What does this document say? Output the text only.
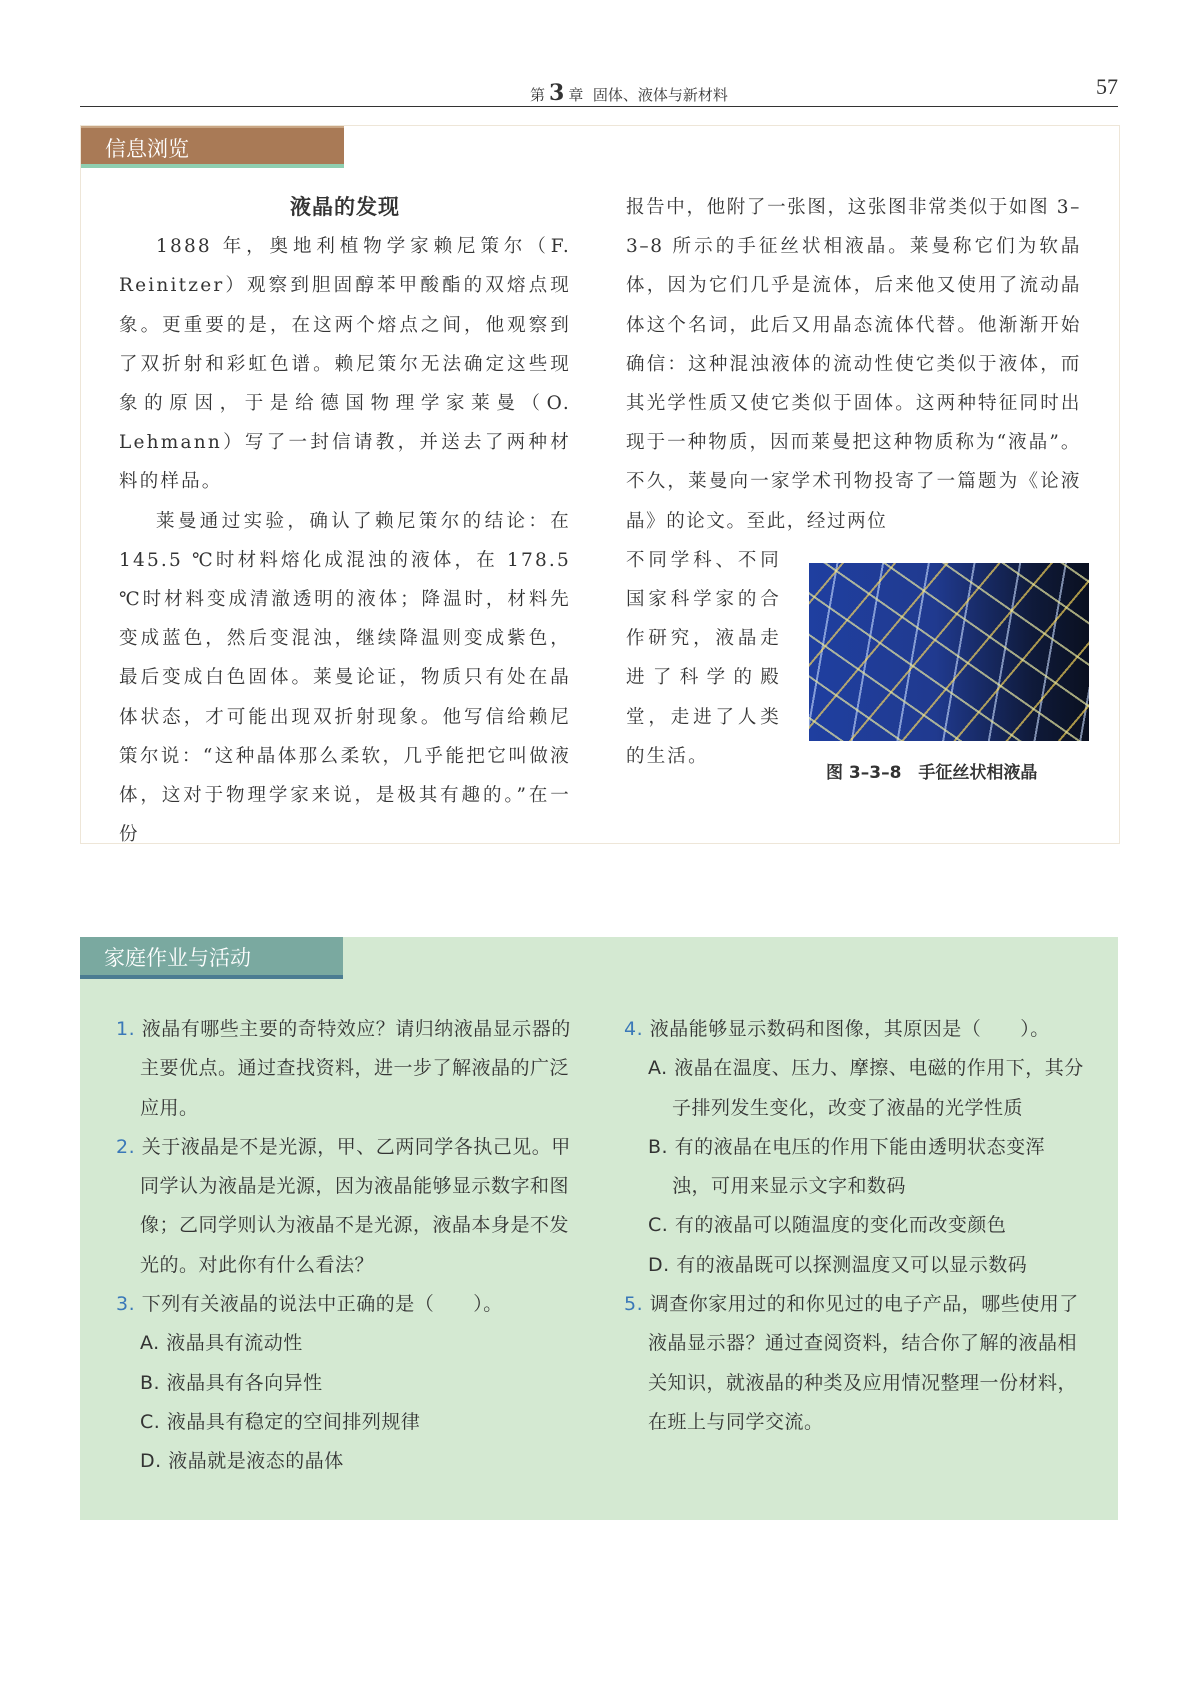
第 3 章 固体、液体与新材料	57
信息浏览

液晶的发现

1888 年，奥地利植物学家赖尼策尔（F. Reinitzer）观察到胆固醇苯甲酸酯的双熔点现象。更重要的是，在这两个熔点之间，他观察到了双折射和彩虹色谱。赖尼策尔无法确定这些现象的原因，于是给德国物理学家莱曼（O. Lehmann）写了一封信请教，并送去了两种材料的样品。

莱曼通过实验，确认了赖尼策尔的结论：在 145.5 ℃时材料熔化成混浊的液体，在 178.5 ℃时材料变成清澈透明的液体；降温时，材料先变成蓝色，然后变混浊，继续降温则变成紫色，最后变成白色固体。莱曼论证，物质只有处在晶体状态，才可能出现双折射现象。他写信给赖尼策尔说：“这种晶体那么柔软，几乎能把它叫做液体，这对于物理学家来说，是极其有趣的。”在一份

报告中，他附了一张图，这张图非常类似于如图 3–3–8 所示的手征丝状相液晶。莱曼称它们为软晶体，因为它们几乎是流体，后来他又使用了流动晶体这个名词，此后又用晶态流体代替。他渐渐开始确信：这种混浊液体的流动性使它类似于液体，而其光学性质又使它类似于固体。这两种特征同时出现于一种物质，因而莱曼把这种物质称为“液晶”。不久，莱曼向一家学术刊物投寄了一篇题为《论液晶》的论文。至此，经过两位

不同学科、不同国家科学家的合作研究，液晶走进了科学的殿堂，走进了人类的生活。

图 3–3–8　手征丝状相液晶
家庭作业与活动
1. 液晶有哪些主要的奇特效应？请归纳液晶显示器的主要优点。通过查找资料，进一步了解液晶的广泛应用。
2. 关于液晶是不是光源，甲、乙两同学各执己见。甲同学认为液晶是光源，因为液晶能够显示数字和图像；乙同学则认为液晶不是光源，液晶本身是不发光的。对此你有什么看法？
3. 下列有关液晶的说法中正确的是（　　）。
A. 液晶具有流动性
B. 液晶具有各向异性
C. 液晶具有稳定的空间排列规律
D. 液晶就是液态的晶体
4. 液晶能够显示数码和图像，其原因是（　　）。
A. 液晶在温度、压力、摩擦、电磁的作用下，其分子排列发生变化，改变了液晶的光学性质
B. 有的液晶在电压的作用下能由透明状态变浑浊，可用来显示文字和数码
C. 有的液晶可以随温度的变化而改变颜色
D. 有的液晶既可以探测温度又可以显示数码
5. 调查你家用过的和你见过的电子产品，哪些使用了液晶显示器？通过查阅资料，结合你了解的液晶相关知识，就液晶的种类及应用情况整理一份材料，在班上与同学交流。
